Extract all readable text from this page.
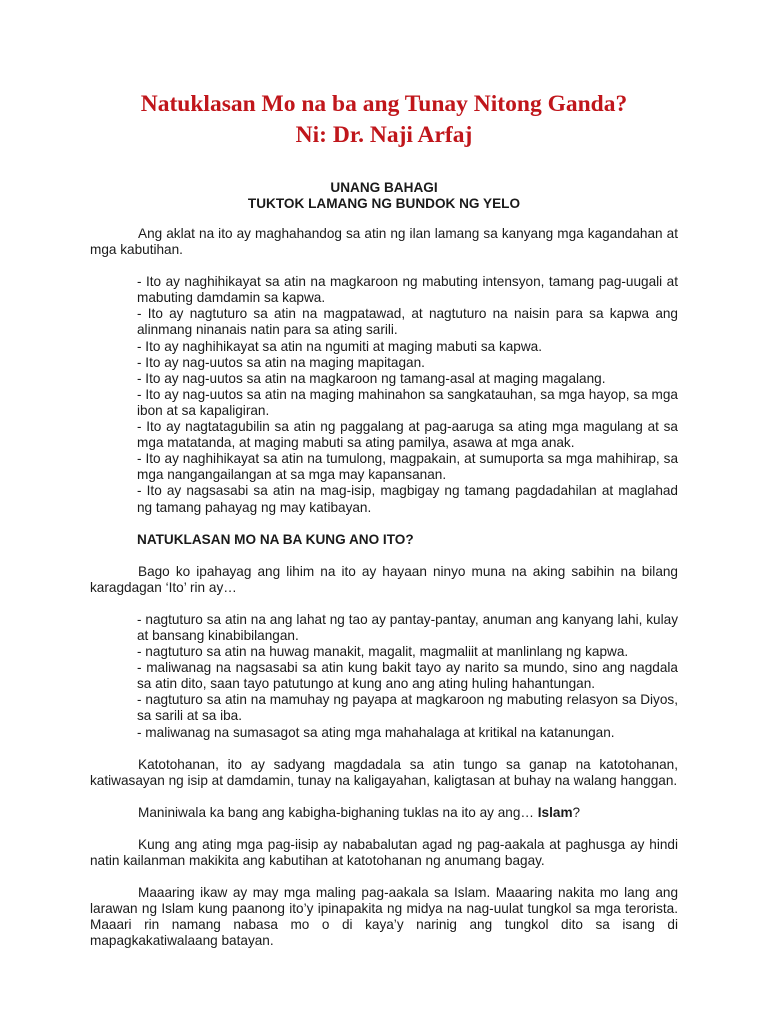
Natuklasan Mo na ba ang Tunay Nitong Ganda?
Ni: Dr. Naji Arfaj
UNANG BAHAGI
TUKTOK LAMANG NG BUNDOK NG YELO

Ang aklat na ito ay maghahandog sa atin ng ilan lamang sa kanyang mga kagandahan at mga kabutihan.

- Ito ay naghihikayat sa atin na magkaroon ng mabuting intensyon, tamang pag-uugali at mabuting damdamin sa kapwa.

- Ito ay nagtuturo sa atin na magpatawad, at nagtuturo na naisin para sa kapwa ang alinmang ninanais natin para sa ating sarili.

- Ito ay naghihikayat sa atin na ngumiti at maging mabuti sa kapwa.

- Ito ay nag-uutos sa atin na maging mapitagan.

- Ito ay nag-uutos sa atin na magkaroon ng tamang-asal at maging magalang.

- Ito ay nag-uutos sa atin na maging mahinahon sa sangkatauhan, sa mga hayop, sa mga ibon at sa kapaligiran.

- Ito ay nagtatagubilin sa atin ng paggalang at pag-aaruga sa ating mga magulang at sa mga matatanda, at maging mabuti sa ating pamilya, asawa at mga anak.

- Ito ay naghihikayat sa atin na tumulong, magpakain, at sumuporta sa mga mahihirap, sa mga nangangailangan at sa mga may kapansanan.

- Ito ay nagsasabi sa atin na mag-isip, magbigay ng tamang pagdadahilan at maglahad ng tamang pahayag ng may katibayan.

NATUKLASAN MO NA BA KUNG ANO ITO?

Bago ko ipahayag ang lihim na ito ay hayaan ninyo muna na aking sabihin na bilang karagdagan ‘Ito’ rin ay…

- nagtuturo sa atin na ang lahat ng tao ay pantay-pantay, anuman ang kanyang lahi, kulay at bansang kinabibilangan.

- nagtuturo sa atin na huwag manakit, magalit, magmaliit at manlinlang ng kapwa.

- maliwanag na nagsasabi sa atin kung bakit tayo ay narito sa mundo, sino ang nagdala sa atin dito, saan tayo patutungo at kung ano ang ating huling hahantungan.

- nagtuturo sa atin na mamuhay ng payapa at magkaroon ng mabuting relasyon sa Diyos, sa sarili at sa iba.

- maliwanag na sumasagot sa ating mga mahahalaga at kritikal na katanungan.

Katotohanan, ito ay sadyang magdadala sa atin tungo sa ganap na katotohanan, katiwasayan ng isip at damdamin, tunay na kaligayahan, kaligtasan at buhay na walang hanggan.

Maniniwala ka bang ang kabigha-bighaning tuklas na ito ay ang… Islam?

Kung ang ating mga pag-iisip ay nababalutan agad ng pag-aakala at paghusga ay hindi natin kailanman makikita ang kabutihan at katotohanan ng anumang bagay.

Maaaring ikaw ay may mga maling pag-aakala sa Islam. Maaaring nakita mo lang ang larawan ng Islam kung paanong ito’y ipinapakita ng midya na nag-uulat tungkol sa mga terorista. Maaari rin namang nabasa mo o di kaya’y narinig ang tungkol dito sa isang di mapagkakatiwalaang batayan.
